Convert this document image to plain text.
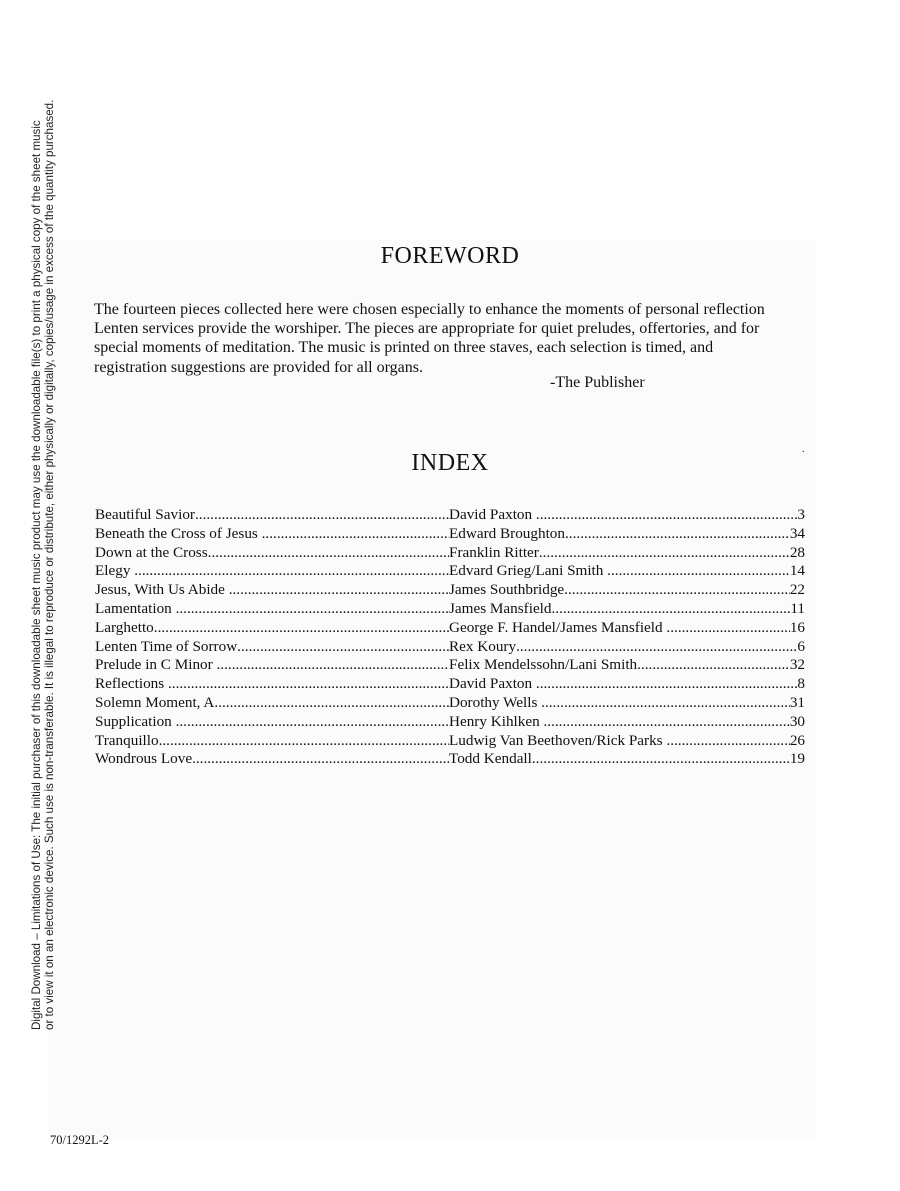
Digital Download – Limitations of Use: The initial purchaser of this downloadable sheet music product may use the downloadable file(s) to print a physical copy of the sheet music or to view it on an electronic device. Such use is non-transferable. It is illegal to reproduce or distribute, either physically or digitally, copies/usage in excess of the quantity purchased.	FOREWORD
The fourteen pieces collected here were chosen especially to enhance the moments of personal reflection
Lenten services provide the worshiper. The pieces are appropriate for quiet preludes, offertories, and for
special moments of meditation. The music is printed on three staves, each selection is timed, and
registration suggestions are provided for all organs.
-The Publisher
.
INDEX
Beautiful Savior .....	David Paxton .....	3
Beneath the Cross of Jesus .....	Edward Broughton .....	34
Down at the Cross .....	Franklin Ritter .....	28
Elegy .....	Edvard Grieg/Lani Smith .....	14
Jesus, With Us Abide .....	James Southbridge .....	22
Lamentation .....	James Mansfield .....	11
Larghetto .....	George F. Handel/James Mansfield .....	16
Lenten Time of Sorrow .....	Rex Koury .....	6
Prelude in C Minor .....	Felix Mendelssohn/Lani Smith .....	32
Reflections .....	David Paxton .....	8
Solemn Moment, A .....	Dorothy Wells .....	31
Supplication .....	Henry Kihlken .....	30
Tranquillo .....	Ludwig Van Beethoven/Rick Parks .....	26
Wondrous Love .....	Todd Kendall .....	19
70/1292L-2
